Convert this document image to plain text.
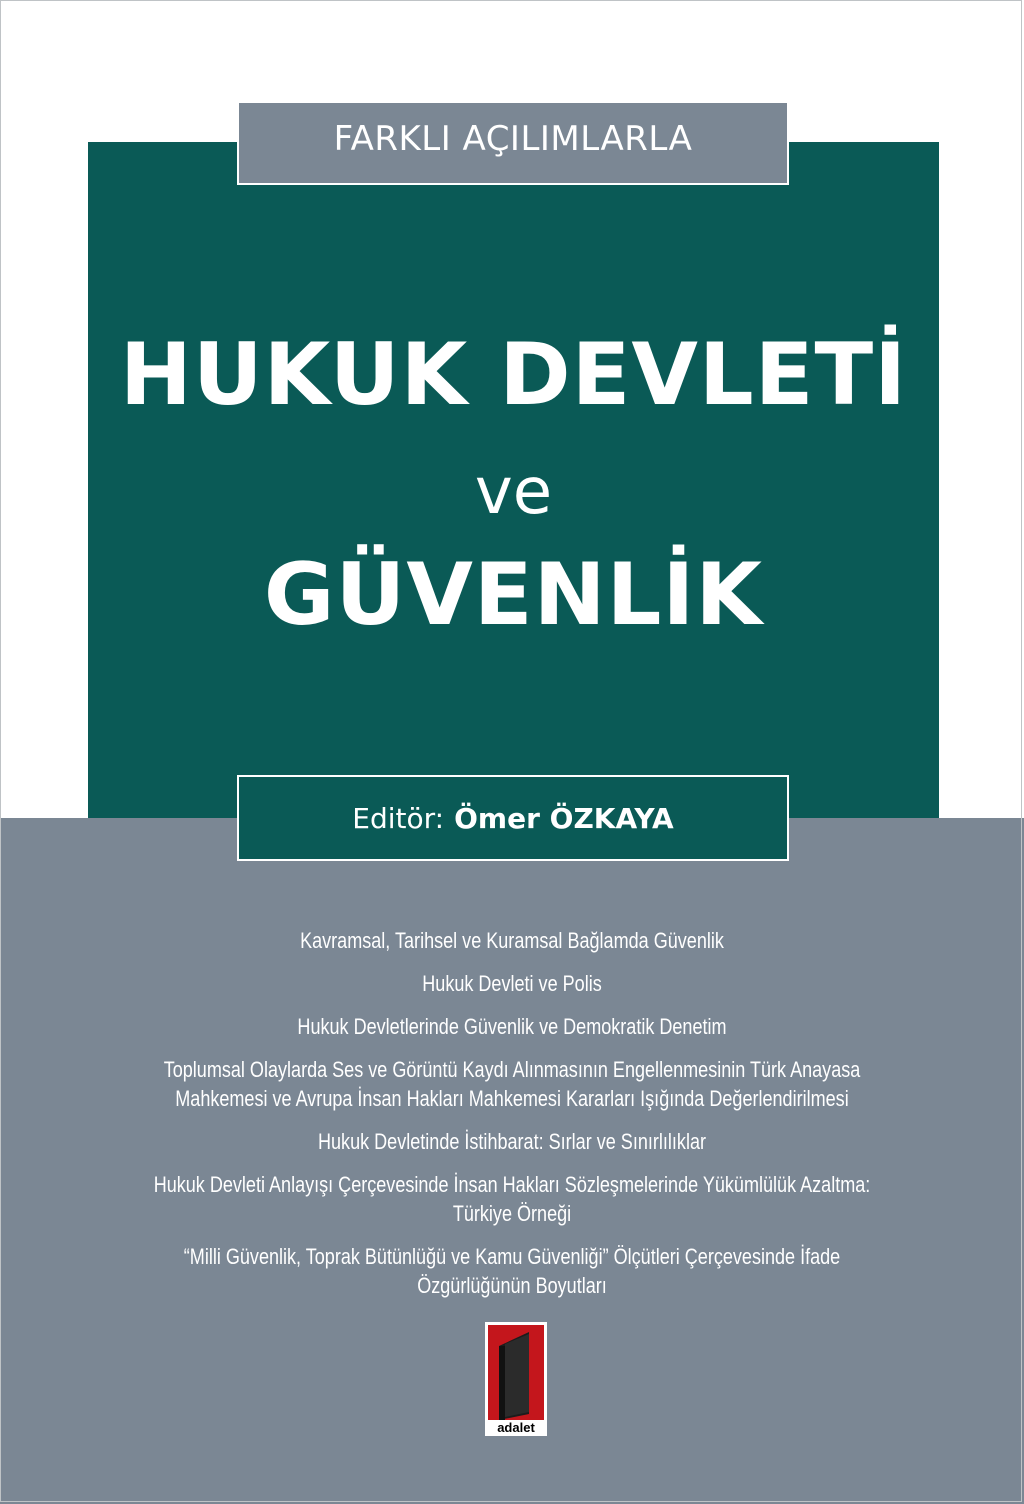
FARKLI AÇILIMLARLA
HUKUK DEVLETİ
ve
GÜVENLİK
Editör: Ömer ÖZKAYA
Kavramsal, Tarihsel ve Kuramsal Bağlamda Güvenlik
Hukuk Devleti ve Polis
Hukuk Devletlerinde Güvenlik ve Demokratik Denetim
Toplumsal Olaylarda Ses ve Görüntü Kaydı Alınmasının Engellenmesinin Türk Anayasa Mahkemesi ve Avrupa İnsan Hakları Mahkemesi Kararları Işığında Değerlendirilmesi
Hukuk Devletinde İstihbarat: Sırlar ve Sınırlılıklar
Hukuk Devleti Anlayışı Çerçevesinde İnsan Hakları Sözleşmelerinde Yükümlülük Azaltma: Türkiye Örneği
“Milli Güvenlik, Toprak Bütünlüğü ve Kamu Güvenliği” Ölçütleri Çerçevesinde İfade Özgürlüğünün Boyutları
adalet
